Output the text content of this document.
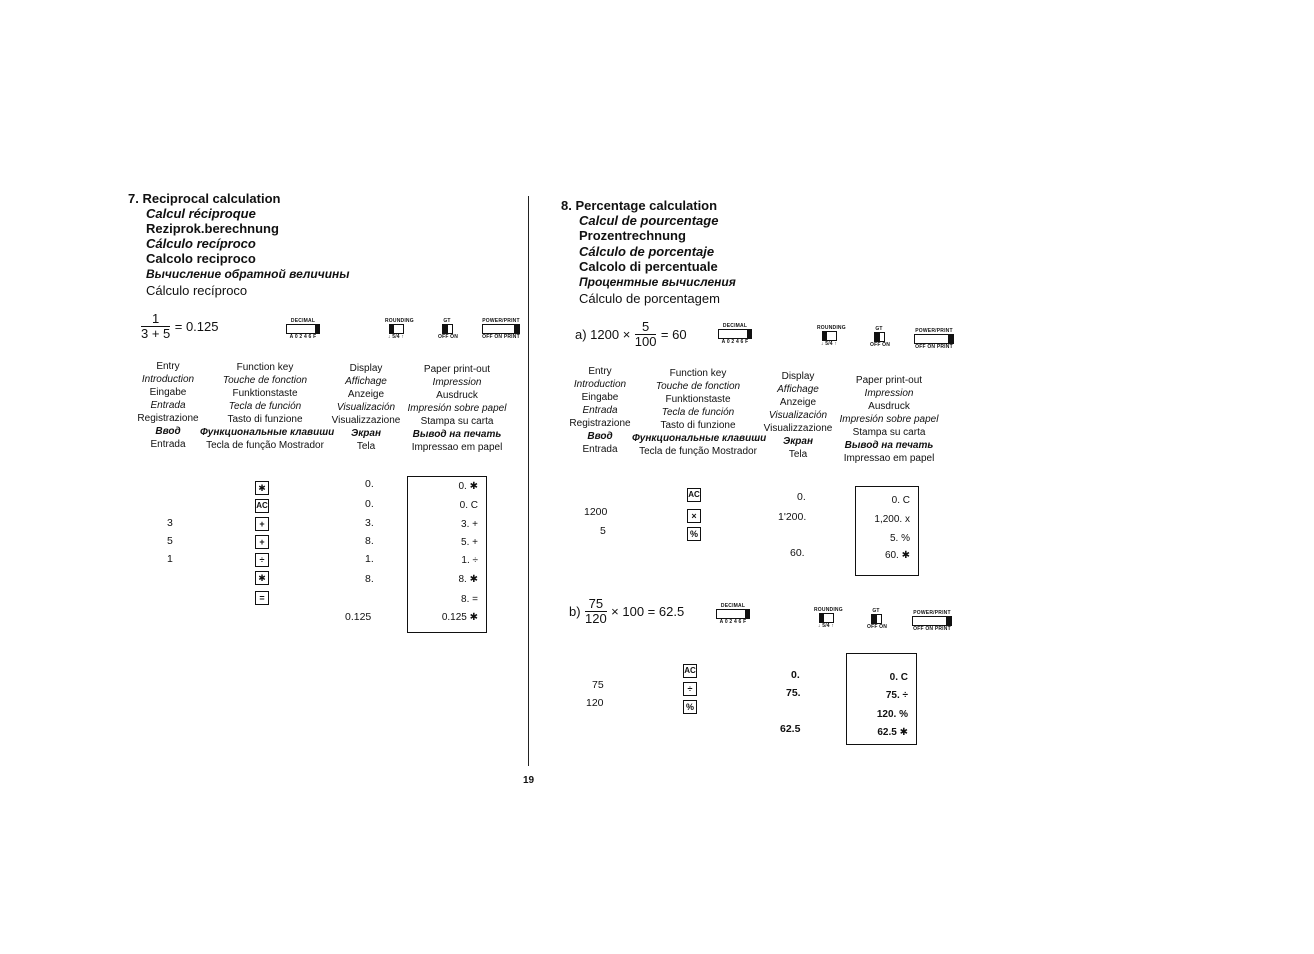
7. Reciprocal calculation
Calcul réciproque
Reziprok.berechnung
Cálculo recíproco
Calcolo reciproco
Вычисление обратной величины
Cálculo recíproco
$\frac{1}{3 + 5} = 0.125$	DECIMAL
A 0 2 4 6 F
ROUNDING
↓ 5/4 ↑
GT
OFF ON
POWER/PRINT
OFF ON PRINT
Entry
Introduction
Eingabe
Entrada
Registrazione
Ввод
Entrada
Function key
Touche de fonction
Funktionstaste
Tecla de función
Tasto di funzione
Функциональные клавиши
Tecla de função Mostrador
Display
Affichage
Anzeige
Visualización
Visualizzazione
Экран
Tela
Paper print-out
Impression
Ausdruck
Impresión sobre papel
Stampa su carta
Вывод на печать
Impressao em papel
3
5
1
✱
AC
+
+
÷
✱
=
0.
0.
3.
8.
1.
8.
0.125
0. ✱
0. C
3. +
5. +
1. ÷
8. ✱
8. =
0.125 ✱
8. Percentage calculation
Calcul de pourcentage
Prozentrechnung
Cálculo de porcentaje
Calcolo di percentuale
Процентные вычисления
Cálculo de porcentagem
a) $1200 \times \frac{5}{100} = 60$
DECIMAL
A 0 2 4 6 F
ROUNDING
↓ 5/4 ↑
GT
OFF ON
POWER/PRINT
OFF ON PRINT
Entry
Introduction
Eingabe
Entrada
Registrazione
Ввод
Entrada
Function key
Touche de fonction
Funktionstaste
Tecla de función
Tasto di funzione
Функциональные клавиши
Tecla de função Mostrador
Display
Affichage
Anzeige
Visualización
Visualizzazione
Экран
Tela
Paper print-out
Impression
Ausdruck
Impresión sobre papel
Stampa su carta
Вывод на печать
Impressao em papel
1200
5
AC
×
%
0.
1'200.
60.
0. C
1,200. x
5. %
60. ✱
$b) \frac{75}{120} \times 100 = 62.5$	DECIMAL
A 0 2 4 6 F
ROUNDING
↓ 5/4 ↑
GT
OFF ON
POWER/PRINT
OFF ON PRINT
75
120
AC
÷
%
0.
75.
62.5
0. C
75. ÷
120. %
62.5 ✱
19
